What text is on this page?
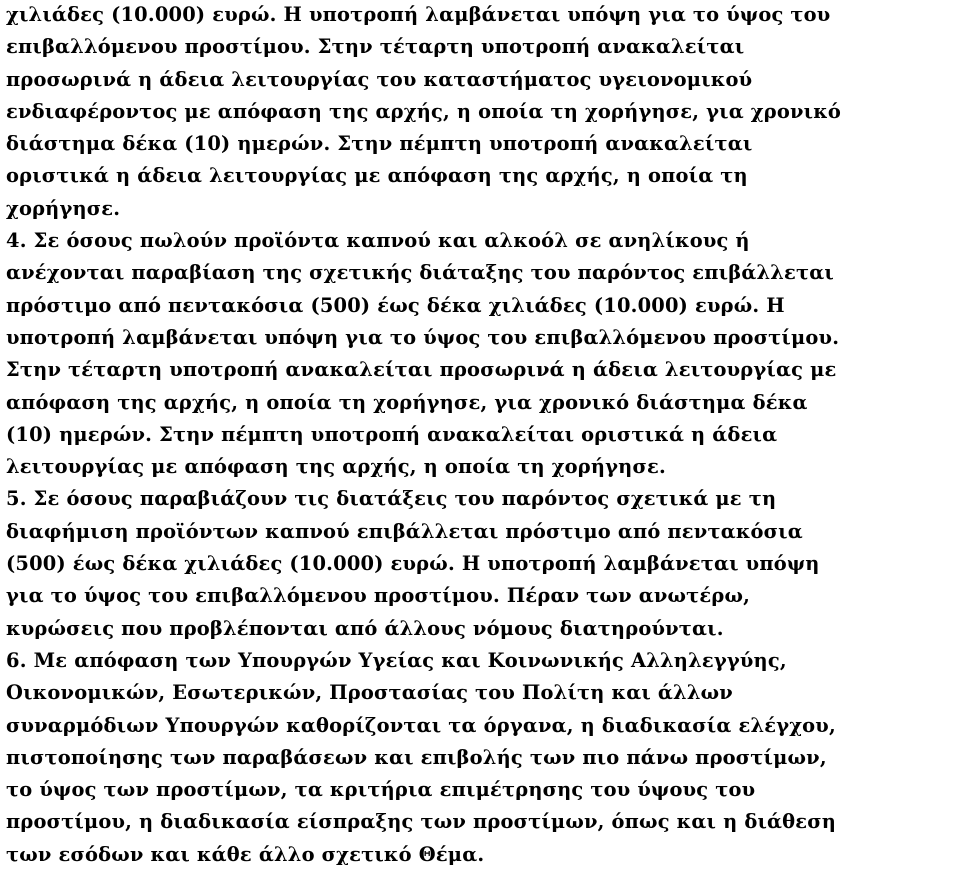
χιλιάδες (10.000) ευρώ. Η υποτροπή λαμβάνεται υπόψη για το ύψος του
επιβαλλόμενου προστίμου. Στην τέταρτη υποτροπή ανακαλείται
προσωρινά η άδεια λειτουργίας του καταστήματος υγειονομικού
ενδιαφέροντος με απόφαση της αρχής, η οποία τη χορήγησε, για χρονικό
διάστημα δέκα (10) ημερών. Στην πέμπτη υποτροπή ανακαλείται
οριστικά η άδεια λειτουργίας με απόφαση της αρχής, η οποία τη
χορήγησε.
4. Σε όσους πωλούν προϊόντα καπνού και αλκοόλ σε ανηλίκους ή
ανέχονται παραβίαση της σχετικής διάταξης του παρόντος επιβάλλεται
πρόστιμο από πεντακόσια (500) έως δέκα χιλιάδες (10.000) ευρώ. Η
υποτροπή λαμβάνεται υπόψη για το ύψος του επιβαλλόμενου προστίμου.
Στην τέταρτη υποτροπή ανακαλείται προσωρινά η άδεια λειτουργίας με
απόφαση της αρχής, η οποία τη χορήγησε, για χρονικό διάστημα δέκα
(10) ημερών. Στην πέμπτη υποτροπή ανακαλείται οριστικά η άδεια
λειτουργίας με απόφαση της αρχής, η οποία τη χορήγησε.
5. Σε όσους παραβιάζουν τις διατάξεις του παρόντος σχετικά με τη
διαφήμιση προϊόντων καπνού επιβάλλεται πρόστιμο από πεντακόσια
(500) έως δέκα χιλιάδες (10.000) ευρώ. Η υποτροπή λαμβάνεται υπόψη
για το ύψος του επιβαλλόμενου προστίμου. Πέραν των ανωτέρω,
κυρώσεις που προβλέπονται από άλλους νόμους διατηρούνται.
6. Με απόφαση των Υπουργών Υγείας και Κοινωνικής Αλληλεγγύης,
Οικονομικών, Εσωτερικών, Προστασίας του Πολίτη και άλλων
συναρμόδιων Υπουργών καθορίζονται τα όργανα, η διαδικασία ελέγχου,
πιστοποίησης των παραβάσεων και επιβολής των πιο πάνω προστίμων,
το ύψος των προστίμων, τα κριτήρια επιμέτρησης του ύψους του
προστίμου, η διαδικασία είσπραξης των προστίμων, όπως και η διάθεση
των εσόδων και κάθε άλλο σχετικό Θέμα.
